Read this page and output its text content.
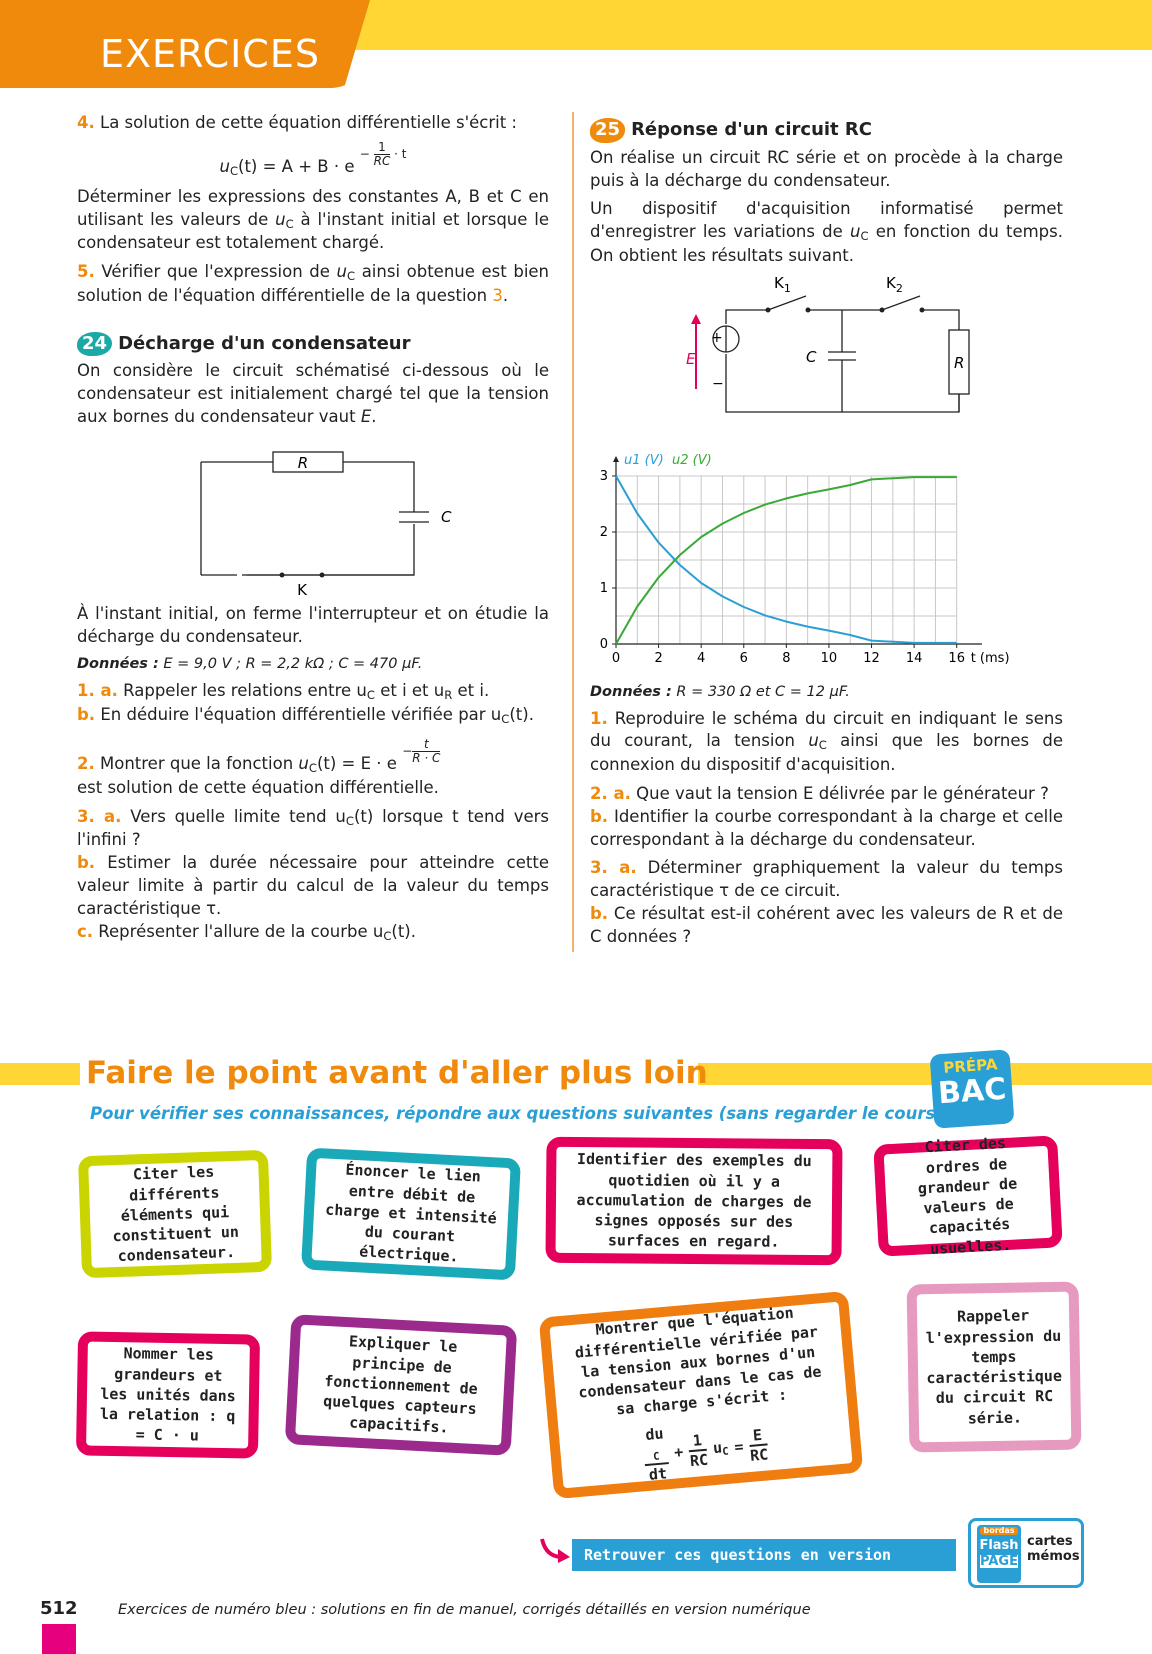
EXERCICES

4. La solution de cette équation différentielle s'écrit :

$u_C(t) = A + B \cdot e$ $^{- \frac{1}{RC} \cdot t}$

Déterminer les expressions des constantes A, B et C en utilisant les valeurs de $u_C$ à l'instant initial et lorsque le condensateur est totalement chargé.

5. Vérifier que l'expression de $u_C$ ainsi obtenue est bien solution de l'équation différentielle de la question 3.

24 Décharge d'un condensateur

On considère le circuit schématisé ci-dessous où le condensateur est initialement chargé tel que la tension aux bornes du condensateur vaut E.

R
C
K

À l'instant initial, on ferme l'interrupteur et on étudie la décharge du condensateur.

Données : E = 9,0 V ; R = 2,2 kΩ ; C = 470 μF.

1. a. Rappeler les relations entre $u_C$ et i et $u_R$ et i.

b. En déduire l'équation différentielle vérifiée par $u_C(t)$.

2. Montrer que la fonction $u_C(t) = E \cdot e$ $^{- \frac{t}{R \cdot C}}$

est solution de cette équation différentielle.

3. a. Vers quelle limite tend $u_C(t)$ lorsque t tend vers l'infini ?
b. Estimer la durée nécessaire pour atteindre cette valeur limite à partir du calcul de la valeur du temps caractéristique τ.
c. Représenter l'allure de la courbe $u_C(t)$.
25 Réponse d'un circuit RC

On réalise un circuit RC série et on procède à la charge puis à la décharge du condensateur.

Un dispositif d'acquisition informatisé permet d'enregistrer les variations de $u_C$ en fonction du temps. On obtient les résultats suivant.

E
+
−
C	R
$K_1$	$K_2$
0	2	4	6	8 10 12 14 16
0
1
2
3
t (ms)
u1 (V) u2 (V)

Données : R = 330 Ω et C = 12 μF.

1. Reproduire le schéma du circuit en indiquant le sens du courant, la tension $u_C$ ainsi que les bornes de connexion du dispositif d'acquisition.

2. a. Que vaut la tension E délivrée par le générateur ?

b. Identifier la courbe correspondant à la charge et celle correspondant à la décharge du condensateur.

3. a. Déterminer graphiquement la valeur du temps caractéristique τ de ce circuit.
b. Ce résultat est-il cohérent avec les valeurs de R et de C données ?
Faire le point avant d'aller plus loin	PRÉPA
BAC
Pour vérifier ses connaissances, répondre aux questions suivantes (sans regarder le cours !)
Citer les différents éléments qui constituent un condensateur.
Énoncer le lien entre débit de charge et intensité du courant électrique.
Identifier des exemples du quotidien où il y a accumulation de charges de signes opposés sur des surfaces en regard.
Citer des ordres de grandeur de valeurs de capacités usuelles.
Nommer les grandeurs et les unités dans la relation : q = C · u
Expliquer le principe de fonctionnement de quelques capteurs capacitifs.
Montrer que l'équation différentielle vérifiée par la tension aux bornes d'un condensateur dans le cas de sa charge s'écrit :
du
$_C$
dt
+ $\frac{1}{RC} u_C = \frac{E}{RC}$
Rappeler l'expression du temps caractéristique du circuit RC série.
Retrouver ces questions en version numérique
bordas
Flash
PAGE
cartes
mémos
512	Exercices de numéro bleu : solutions en fin de manuel, corrigés détaillés en version numérique
